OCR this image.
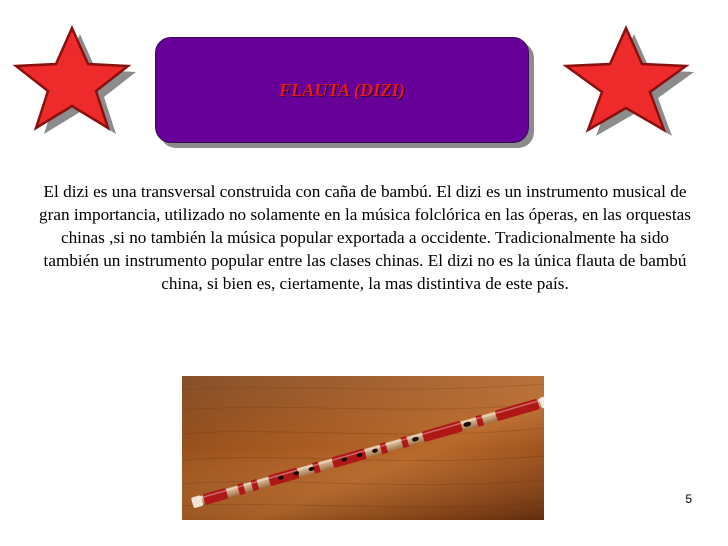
FLAUTA (DIZI)

El dizi es una transversal construida con caña de bambú. El dizi es un instrumento musical de gran importancia, utilizado no solamente en la música folclórica en las óperas, en las orquestas chinas ,si no también la música popular exportada a occidente. Tradicionalmente ha sido también un instrumento popular entre las clases chinas. El dizi no es la única flauta de bambú china, si bien es, ciertamente, la mas distintiva de este país.

5
